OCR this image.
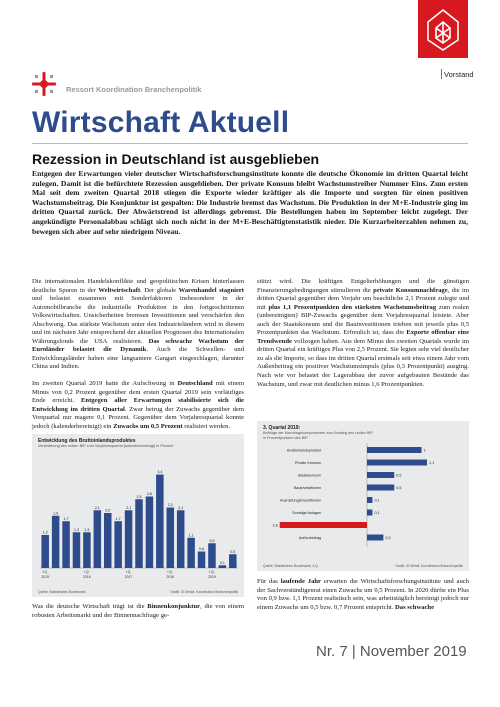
Vorstand
Ressort Koordination Branchenpolitik
Wirtschaft Aktuell
Rezession in Deutschland ist ausgeblieben
Entgegen der Erwartungen vieler deutscher Wirtschaftsforschungsinstitute konnte die deutsche Ökonomie im dritten Quartal leicht zulegen. Damit ist die befürchtete Rezession ausgeblieben. Der private Konsum bleibt Wachstumstreiber Nummer Eins. Zum ersten Mal seit dem zweiten Quartal 2018 stiegen die Exporte wieder kräftiger als die Importe und sorgten für einen positiven Wachstumsbeitrag. Die Konjunktur ist gespalten: Die Industrie bremst das Wachstum. Die Produktion in der M+E-Industrie ging im dritten Quartal zurück. Der Abwärtstrend ist allerdings gebremst. Die Bestellungen haben im September leicht zugelegt. Der angekündigte Personalabbau schlägt sich noch nicht in der M+E-Beschäftigtenstatistik nieder. Die Kurzarbeiterzahlen nehmen zu, bewegen sich aber auf sehr niedrigem Niveau.

Die internationalen Handelskonflikte und geopolitischen Krisen hinterlassen deutliche Spuren in der Weltwirtschaft. Der globale Warenhandel stagniert und belastet zusammen mit Sonderfaktoren insbesondere in der Automobilbranche die industrielle Produktion in den fortgeschrittenen Volkswirtschaften. Unsicherheiten bremsen Investitionen und verschärfen den Abschwung. Das stärkste Wachstum unter den Industrieländern wird in diesem und im nächsten Jahr entsprechend der aktuellen Prognosen des Internationalen Währungsfonds die USA realisieren. Das schwache Wachstum der Euroländer belastet die Dynamik. Auch die Schwellen- und Entwicklungsländer haben eine langsamere Gangart eingeschlagen, darunter China und Indien.

Im zweiten Quartal 2019 hatte die Aufschwung in Deutschland mit einem Minus von 0,2 Prozent gegenüber dem ersten Quartal 2019 sein vorläufiges Ende erreicht. Entgegen aller Erwartungen stabilisierte sich die Entwicklung im dritten Quartal. Zwar betrug der Zuwachs gegenüber dem Vorquartal nur magere 0,1 Prozent. Gegenüber dem Vorjahresquartal konnte jedoch (kalenderbereinigt) ein Zuwachs um 0,5 Prozent realisiert werden.

Entwicklung des Bruttoinlandsproduktes
Veränderung des realen BIP zum Vorjahresquartal (kalenderbereinigt) in Prozent
1,2
I.Q.
1,9
1,7
1,3 1,3
I.Q.
2,1
2,0
1,7
2,1
I.Q.
2,5
2,6
3,4
2,2
I.Q.
2,1
1,1
0,6
0,9
I.Q.
0,1
0,5
2015	2016	2017	2018	2019
Quelle: Statistisches Bundesamt	Grafik: IG Metall, Koordination Branchenpolitik
Was die deutsche Wirtschaft trägt ist die Binnenkonjunktur, die von einem robusten Arbeitsmarkt und der Binnennachfrage ge-

stützt wird. Die kräftigen Entgelterhöhungen und die günstigen Finanzierungsbedingungen stimulieren die private Konsumnachfrage, die im dritten Quartal gegenüber dem Vorjahr um beachtliche 2,1 Prozent zulegte und mit plus 1,1 Prozentpunkten den stärksten Wachstumsbeitrag zum realen (unbereinigten) BIP-Zuwachs gegenüber dem Vorjahresquartal leistete. Aber auch der Staatskonsum und die Bauinvestitionen trieben mit jeweils plus 0,5 Prozentpunkten das Wachstum. Erfreulich ist, dass die Exporte offenbar eine Trendwende vollzogen haben. Aus dem Minus des zweiten Quartals wurde im dritten Quartal ein kräftiges Plus von 2,5 Prozent. Sie legten sehr viel deutlicher zu als die Importe, so dass im dritten Quartal erstmals seit etwa einem Jahr vom Außenbeitrag ein positiver Wachstumsimpuls (plus 0,3 Prozentpunkt) ausging. Nach wie vor belastet der Lagerabbau der zuvor aufgebauten Bestände das Wachstum, und zwar mit deutlichen minus 1,6 Prozentpunkten.

3. Quartal 2019:
Beiträge der Nachfragekomponenten zum Anstieg des realen BIP
in Prozentpunkten des BIP
Bruttoinlandsprodukt	1
Private Konsum	1,1
Staatskonsum	0,5
Bauinvestitionen	0,5
Ausrüstungsinvestitionen	0,1
Sonstige Anlagen	0,1
-1,6
Außenbeitrag	0,3
Quelle: Statistisches Bundesamt; 3.Q.	Grafik: IG Metall, Koordination Branchenpolitik
Für das laufende Jahr erwarten die Wirtschaftsforschungsinstitute und auch der Sachverständigenrat einen Zuwachs um 0,5 Prozent. In 2020 dürfte ein Plus von 0,9 bzw. 1,1 Prozent realistisch sein, was arbeitstäglich bereinigt jedoch nur einem Zuwachs um 0,5 bzw. 0,7 Prozent entspricht. Das schwache
Nr. 7 | November 2019
